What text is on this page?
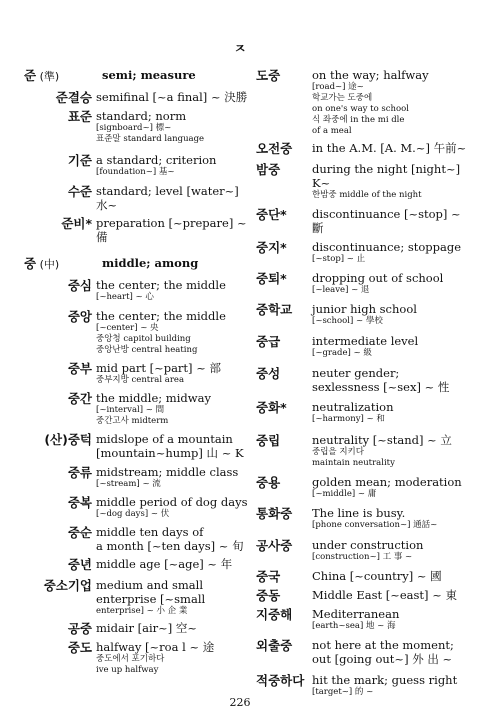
ㅈ
준 (準)	semi; measure
준결승 semifinal [~a final] ~ 決勝
표준 standard; norm
[signboard~] 標~
표준말 standard language
기준 a standard; criterion
[foundation~] 基~
수준 standard; level [water~] 水~
준비* preparation [~prepare] ~ 備
중 (中)	middle; among
중심 the center; the middle
[~heart] ~ 心
중앙 the center; the middle
[~center] ~ 央
중앙청 capitol building
중앙난방 central heating
중부 mid part [~part] ~ 部
중부지방 central area
중간 the middle; midway
[~interval] ~ 間
중간고사 midterm
(산)중턱 midslope of a mountain
[mountain~hump] 山 ~ K
중류 midstream; middle class
[~stream] ~ 流
중복 middle period of dog days
[~dog days] ~ 伏
중순 middle ten days of
a month [~ten days] ~ 旬
중년 middle age [~age] ~ 年
중소기업 medium and small
enterprise [~small
enterprise] ~ 小 企 業
공중 midair [air~] 空~
중도 halfway [~roa l ~ 途
중도에서 포기하다
ive up halfway
도중	on the way; halfway
[road~] 途~
학교가는 도중에
on one's way to school
식 좌중에 in the mi dle
of a meal
오전중	in the A.M. [A. M.~] 午前~
밤중	during the night [night~] K~
한밤중 middle of the night
중단*	discontinuance [~stop] ~ 斷
중지*	discontinuance; stoppage
[~stop] ~ 止
중퇴*	dropping out of school
[~leave] ~ 退
중학교	junior high school
[~school] ~ 學校
중급	intermediate level
[~grade] ~ 級
중성	neuter gender;
sexlessness [~sex] ~ 性
중화*	neutralization
[~harmony] ~ 和
중립	neutrality [~stand] ~ 立
중립을 지키다
maintain neutrality
중용	golden mean; moderation
[~middle] ~ 庸
통화중	The line is busy.
[phone conversation~] 通話~
공사중	under construction
[construction~] 工 事 ~
중국	China [~country] ~ 國
중동	Middle East [~east] ~ 東
지중해	Mediterranean
[earth~sea] 地 ~ 海
외출중	not here at the moment;
out [going out~] 外 出 ~
적중하다 hit the mark; guess right
[target~] 的 ~
226
